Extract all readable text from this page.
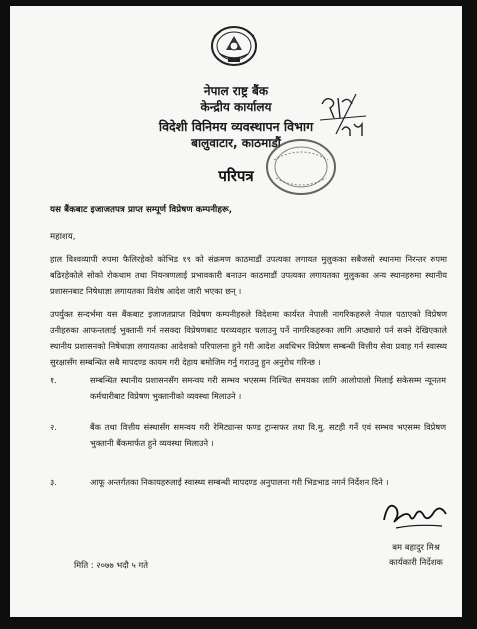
नेपाल राष्ट्र बैंक
केन्द्रीय कार्यालय
विदेशी विनिमय व्यवस्थापन विभाग
बालुवाटार, काठमाडौं
परिपत्र
यस बैंकबाट इजाजतपत्र प्राप्त सम्पूर्ण विप्रेषण कम्पनीहरू,
महाशय,
हाल विश्वव्यापी रुपमा फैलिरहेको कोभिड १९ को संक्रमण काठमाडौं उपत्यका लगायत मुलुकका सबैजसो स्थानमा निरन्तर रुपमा बढिरहेकोले सोको रोकथाम तथा नियन्त्रणलाई प्रभावकारी बनाउन काठमाडौं उपत्यका लगायतका मुलुकका अन्य स्थानहरुमा स्थानीय प्रशासनबाट निषेधाज्ञा लगायतका विशेष आदेश जारी भएका छन् ।
उपर्युक्त सन्दर्भमा यस बैंकबाट इजाजतप्राप्त विप्रेषण कम्पनीहरुले विदेशमा कार्यरत नेपाली नागरिकहरुले नेपाल पठाएको विप्रेषण उनीहरुका आफन्तलाई भुक्तानी गर्न नसक्दा विप्रेषणबाट घरव्यवहार चलाउनु पर्ने नागरिकहरुका लागि अप्ठ्यारो पर्न सक्ने देखिएकाले स्थानीय प्रशासनको निषेधाज्ञा लगायतका आदेशको परिपालना हुने गरी आदेश अवधिभर विप्रेषण सम्बन्धी वित्तीय सेवा प्रवाह गर्न स्वास्थ्य सुरक्षासँग सम्बन्धित सबै मापदण्ड कायम गरी देहाय बमोजिम गर्नु गराउनु हुन अनुरोध गरिन्छ ।
१.	सम्बन्धित स्थानीय प्रशासनसँग समन्वय गरी सम्भव भएसम्म निश्चित समयका लागि आलोपालो मिलाई सकेसम्म न्यूनतम कर्मचारीबाट विप्रेषण भुक्तानीको व्यवस्था मिलाउने ।
२.	बैंक तथा वित्तीय संस्थासँग समन्वय गरी रेमिट्यान्स फण्ड ट्रान्सफर तथा वि.मु. सटही गर्ने एवं सम्भव भएसम्म विप्रेषण भुक्तानी बैंकमार्फत हुने व्यवस्था मिलाउने ।
३.	आफू अन्तर्गतका निकायहरुलाई स्वास्थ्य सम्बन्धी मापदण्ड अनुपालना गरी भिडभाड नगर्न निर्देशन दिने ।
बम बहादुर मिश्र
कार्यकारी निर्देशक
मिति : २०७७ भदौ ५ गते
